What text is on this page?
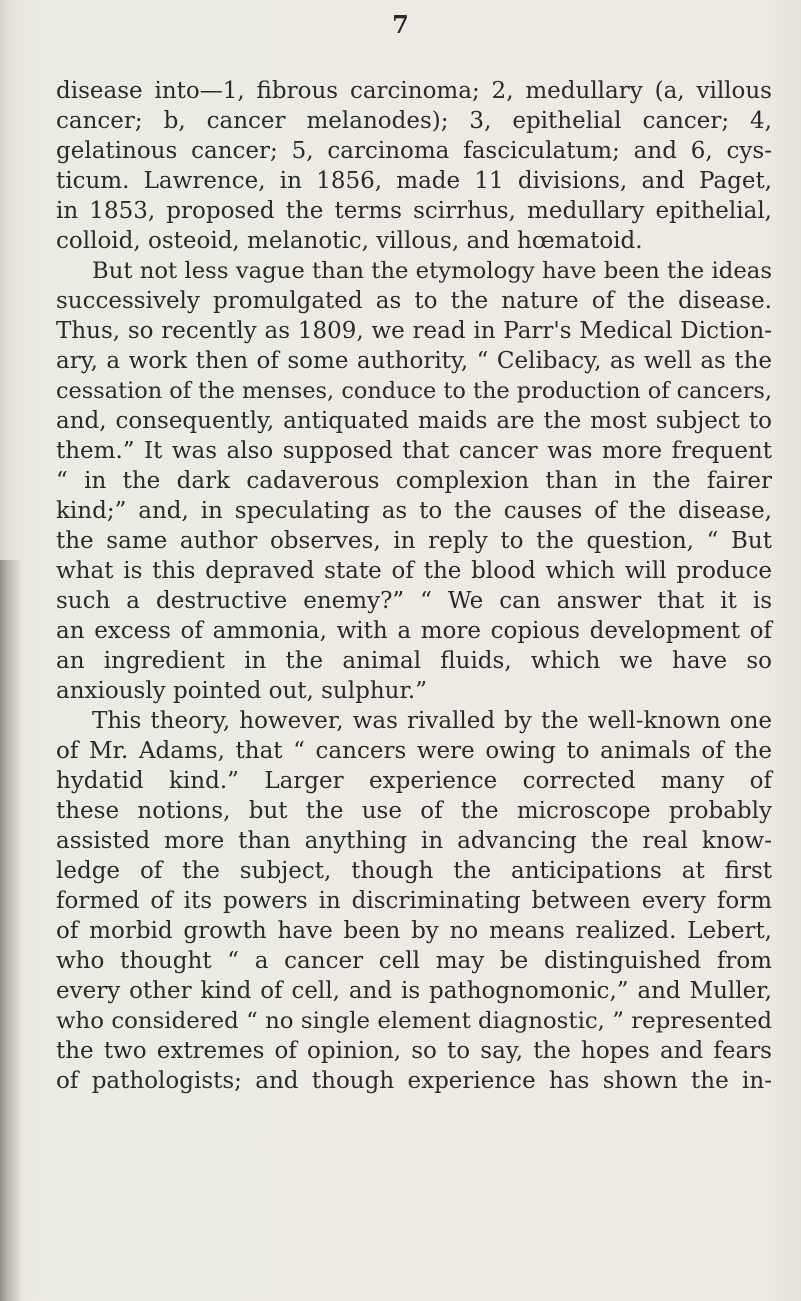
7
disease into—1, fibrous carcinoma; 2, medullary (a, villous
cancer; b, cancer melanodes); 3, epithelial cancer; 4,
gelatinous cancer; 5, carcinoma fasciculatum; and 6, cys-
ticum. Lawrence, in 1856, made 11 divisions, and Paget,
in 1853, proposed the terms scirrhus, medullary epithelial,
colloid, osteoid, melanotic, villous, and hœmatoid.
But not less vague than the etymology have been the ideas
successively promulgated as to the nature of the disease.
Thus, so recently as 1809, we read in Parr's Medical Diction-
ary, a work then of some authority, “ Celibacy, as well as the
cessation of the menses, conduce to the production of cancers,
and, consequently, antiquated maids are the most subject to
them.” It was also supposed that cancer was more frequent
“ in the dark cadaverous complexion than in the fairer
kind;” and, in speculating as to the causes of the disease,
the same author observes, in reply to the question, “ But
what is this depraved state of the blood which will produce
such a destructive enemy?” “ We can answer that it is
an excess of ammonia, with a more copious development of
an ingredient in the animal fluids, which we have so
anxiously pointed out, sulphur.”
This theory, however, was rivalled by the well-known one
of Mr. Adams, that “ cancers were owing to animals of the
hydatid kind.” Larger experience corrected many of
these notions, but the use of the microscope probably
assisted more than anything in advancing the real know-
ledge of the subject, though the anticipations at first
formed of its powers in discriminating between every form
of morbid growth have been by no means realized. Lebert,
who thought “ a cancer cell may be distinguished from
every other kind of cell, and is pathognomonic,” and Muller,
who considered “ no single element diagnostic, ” represented
the two extremes of opinion, so to say, the hopes and fears
of pathologists; and though experience has shown the in-
